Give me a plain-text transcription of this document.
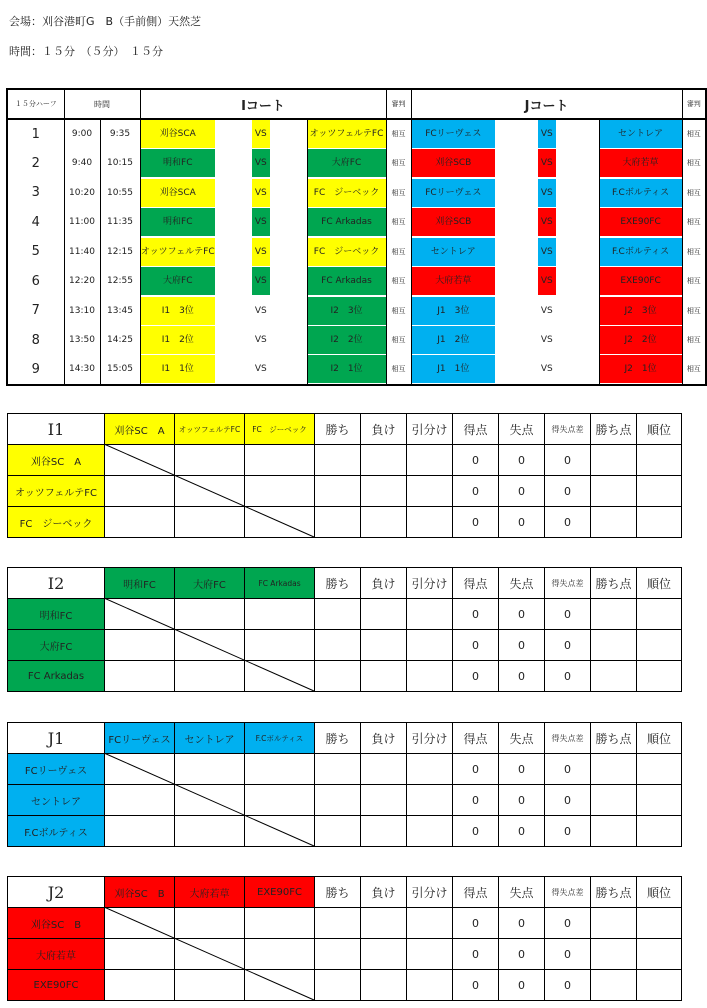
会場：刈谷港町G　B（手前側）天然芝
時間：１５分　（５分）　１５分
１５分ハーフ	時間		Iコート			審判	Jコート			審判
1	9:00	9:35	刈谷SCA	VS	オッツフェルテFC	相互	FCリーヴェス	VS	セントレア	相互
2	9:40	10:15	明和FC	VS	大府FC	相互	刈谷SCB	VS	大府若草	相互
3	10:20	10:55	刈谷SCA	VS	FC　ジーベック	相互	FCリーヴェス	VS	F.Cボルティス	相互
4	11:00	11:35	明和FC	VS	FC Arkadas	相互	刈谷SCB	VS	EXE90FC	相互
5	11:40	12:15	オッツフェルテFC	VS	FC　ジーベック	相互	セントレア	VS	F.Cボルティス	相互
6	12:20	12:55	大府FC	VS	FC Arkadas	相互	大府若草	VS	EXE90FC	相互
7	13:10	13:45	I1　3位	VS	I2　3位	相互	J1　3位	VS	J2　3位	相互
8	13:50	14:25	I1　2位	VS	I2　2位	相互	J1　2位	VS	J2　2位	相互
9	14:30	15:05	I1　1位	VS	I2　1位	相互	J1　1位	VS	J2　1位	相互
I1	刈谷SC　A	オッツフェルテFC	FC　ジーベック	勝ち	負け	引分け	得点	失点	得失点差	勝ち点	順位
刈谷SC　A							0	0	0		
オッツフェルテFC							0	0	0		
FC　ジーベック							0	0	0		
I2	明和FC	大府FC	FC Arkadas	勝ち	負け	引分け	得点	失点	得失点差	勝ち点	順位
明和FC							0	0	0		
大府FC							0	0	0		
FC Arkadas							0	0	0		
J1	FCリーヴェス	セントレア	F.Cボルティス	勝ち	負け	引分け	得点	失点	得失点差	勝ち点	順位
FCリーヴェス							0	0	0		
セントレア							0	0	0		
F.Cボルティス							0	0	0		
J2	刈谷SC　B	大府若草	EXE90FC	勝ち	負け	引分け	得点	失点	得失点差	勝ち点	順位
刈谷SC　B							0	0	0		
大府若草							0	0	0		
EXE90FC							0	0	0		
